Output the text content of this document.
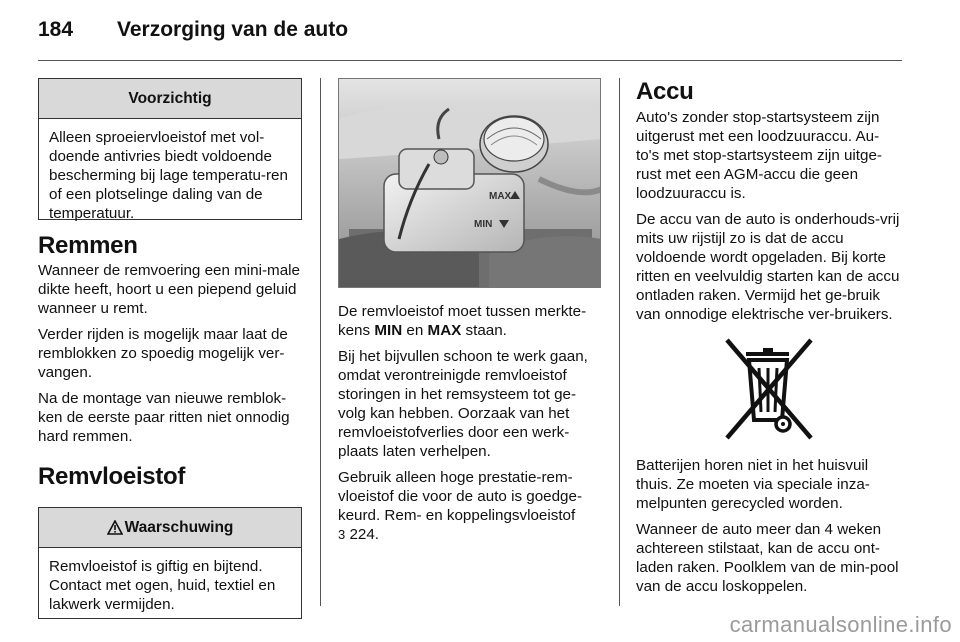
184 Verzorging van de auto
Voorzichtig
Alleen sproeiervloeistof met vol-doende antivries biedt voldoende bescherming bij lage temperatu-ren of een plotselinge daling van de temperatuur.
Remmen
Wanneer de remvoering een mini-male dikte heeft, hoort u een piepend geluid wanneer u remt.
Verder rijden is mogelijk maar laat de remblokken zo spoedig mogelijk ver-vangen.
Na de montage van nieuwe remblok-ken de eerste paar ritten niet onnodig hard remmen.
Remvloeistof
Waarschuwing
Remvloeistof is giftig en bijtend. Contact met ogen, huid, textiel en lakwerk vermijden.
MAX
MIN
De remvloeistof moet tussen merkte-kens MIN en MAX staan.
Bij het bijvullen schoon te werk gaan, omdat verontreinigde remvloeistof storingen in het remsysteem tot ge-volg kan hebben. Oorzaak van het remvloeistofverlies door een werk-plaats laten verhelpen.
Gebruik alleen hoge prestatie-rem-vloeistof die voor de auto is goedge-keurd. Rem- en koppelingsvloeistof
3 224.
Accu
Auto's zonder stop-startsysteem zijn uitgerust met een loodzuuraccu. Au-to's met stop-startsysteem zijn uitge-rust met een AGM-accu die geen loodzuuraccu is.
De accu van de auto is onderhouds-vrij mits uw rijstijl zo is dat de accu voldoende wordt opgeladen. Bij korte ritten en veelvuldig starten kan de accu ontladen raken. Vermijd het ge-bruik van onnodige elektrische ver-bruikers.
Batterijen horen niet in het huisvuil thuis. Ze moeten via speciale inza-melpunten gerecycled worden.
Wanneer de auto meer dan 4 weken achtereen stilstaat, kan de accu ont-laden raken. Poolklem van de min-pool van de accu loskoppelen.
carmanualsonline.info
